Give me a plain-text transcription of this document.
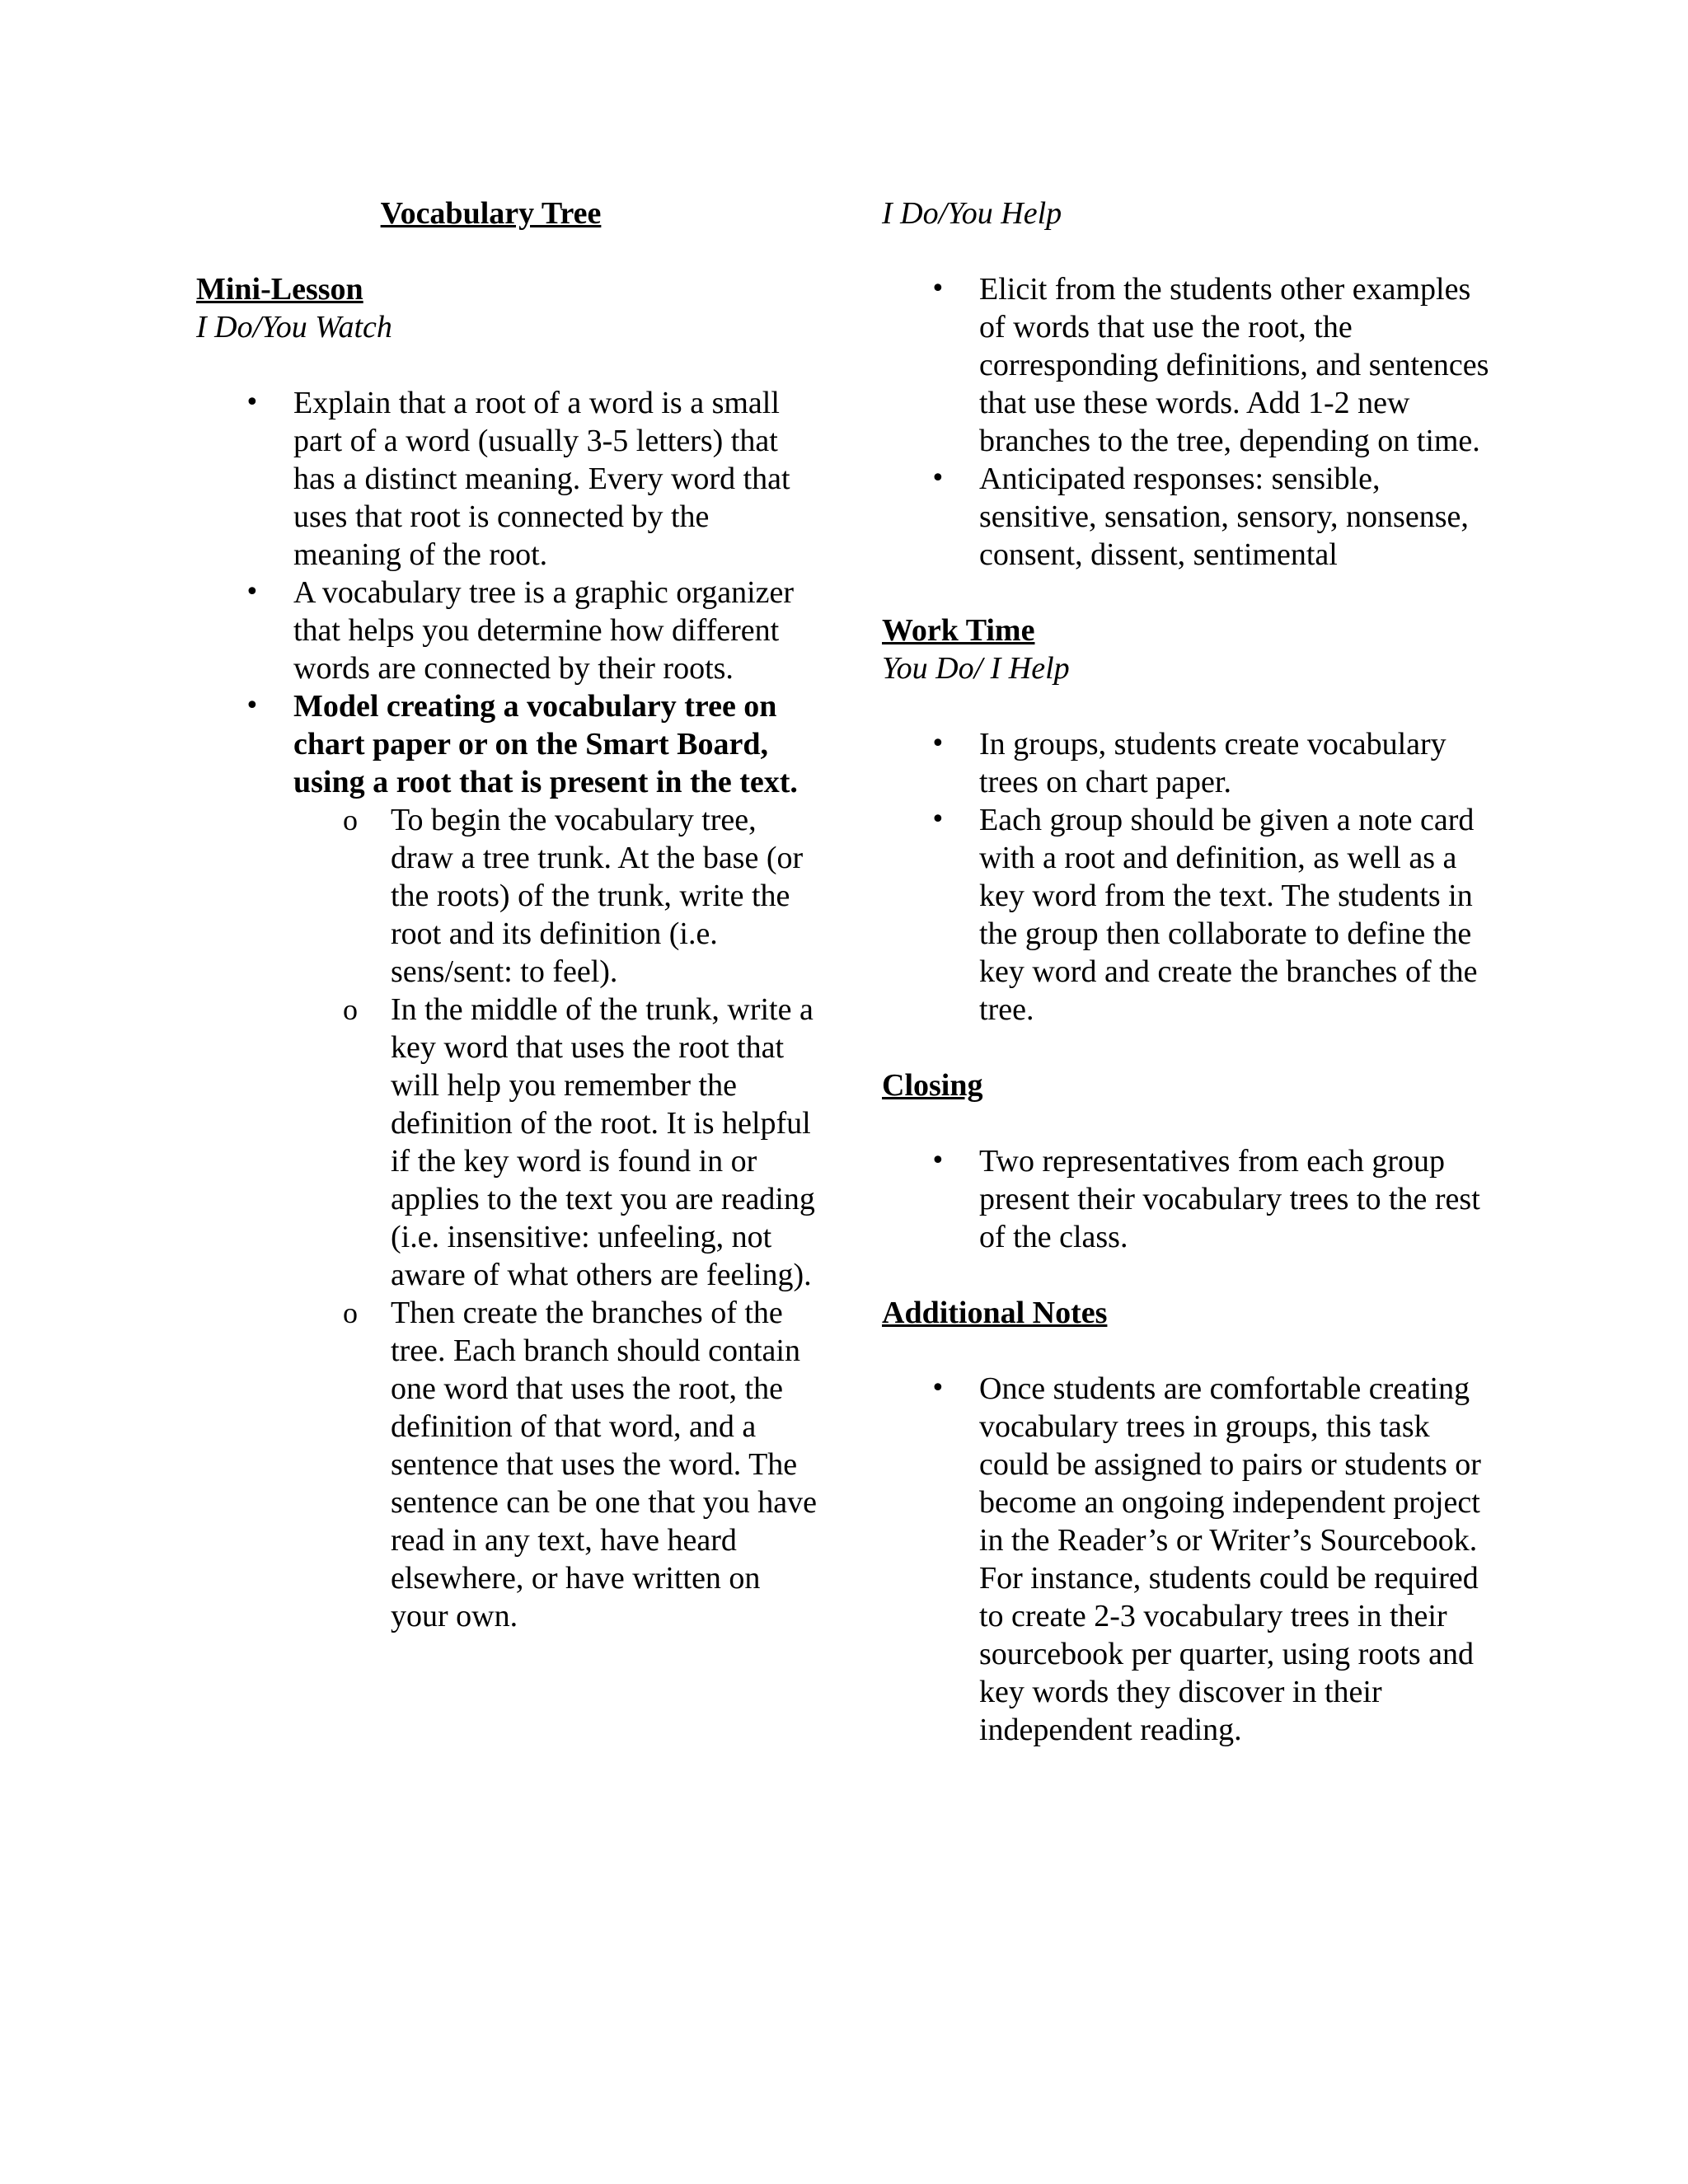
Vocabulary Tree

Mini-Lesson

I Do/You Watch

•	Explain that a root of a word is a small part of a word (usually 3-5 letters) that has a distinct meaning. Every word that uses that root is connected by the meaning of the root.
•	A vocabulary tree is a graphic organizer that helps you determine how different words are connected by their roots.
•	Model creating a vocabulary tree on chart paper or on the Smart Board, using a root that is present in the text.
o To begin the vocabulary tree, draw a tree trunk. At the base (or the roots) of the trunk, write the root and its definition (i.e. sens/sent: to feel).
o In the middle of the trunk, write a key word that uses the root that will help you remember the definition of the root. It is helpful if the key word is found in or applies to the text you are reading (i.e. insensitive: unfeeling, not aware of what others are feeling).
o Then create the branches of the tree. Each branch should contain one word that uses the root, the definition of that word, and a sentence that uses the word. The sentence can be one that you have read in any text, have heard elsewhere, or have written on your own.

I Do/You Help

•	Elicit from the students other examples of words that use the root, the corresponding definitions, and sentences that use these words. Add 1-2 new branches to the tree, depending on time.
•	Anticipated responses: sensible, sensitive, sensation, sensory, nonsense, consent, dissent, sentimental

Work Time

You Do/ I Help

•	In groups, students create vocabulary trees on chart paper.
•	Each group should be given a note card with a root and definition, as well as a key word from the text. The students in the group then collaborate to define the key word and create the branches of the tree.

Closing

•	Two representatives from each group present their vocabulary trees to the rest of the class.

Additional Notes

•	Once students are comfortable creating vocabulary trees in groups, this task could be assigned to pairs or students or become an ongoing independent project in the Reader’s or Writer’s Sourcebook. For instance, students could be required to create 2-3 vocabulary trees in their sourcebook per quarter, using roots and key words they discover in their independent reading.
